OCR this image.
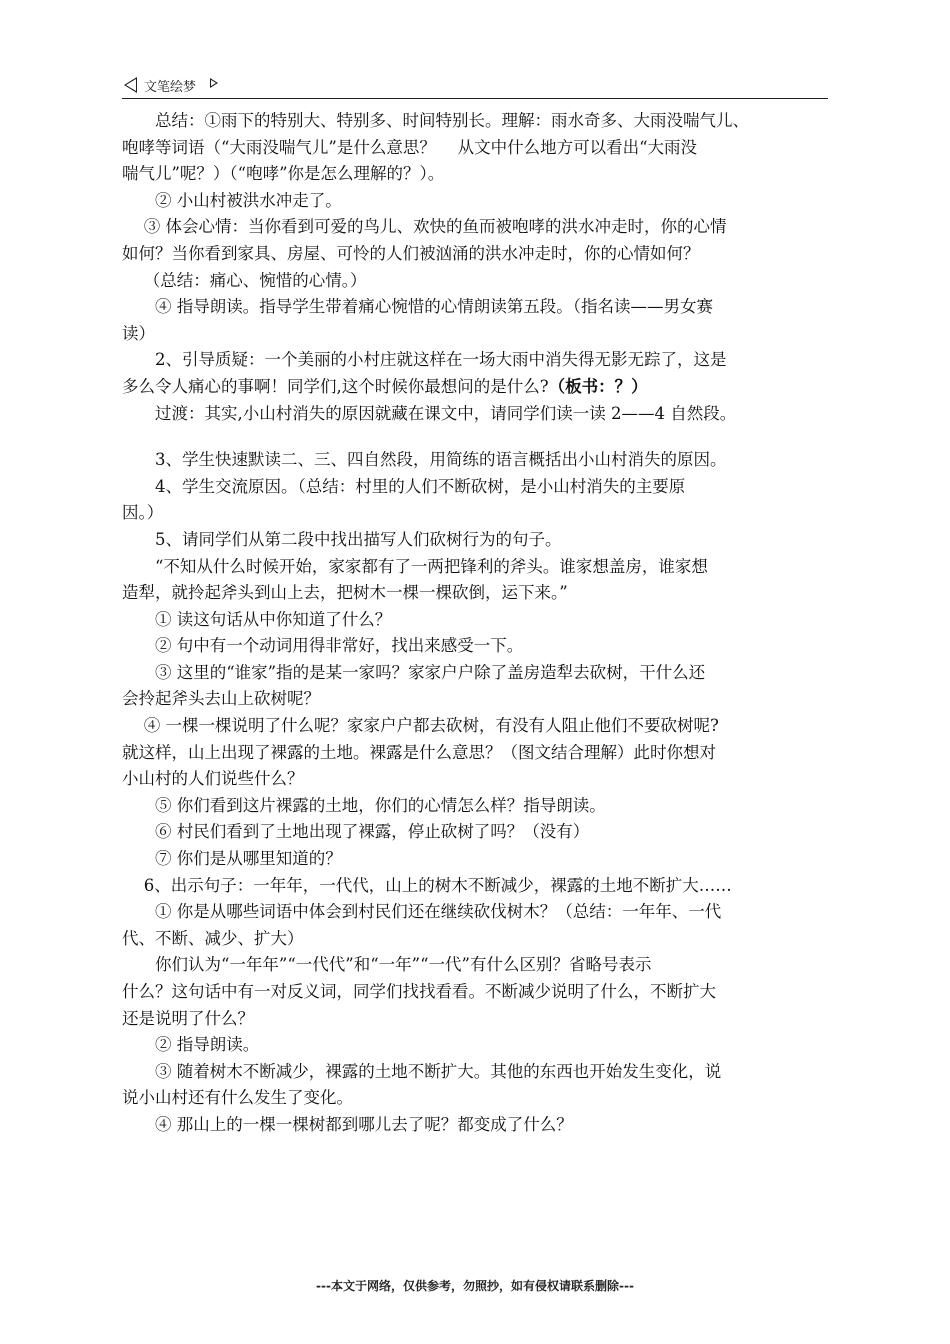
文笔绘梦
　　总结：①雨下的特别大、特别多、时间特别长。理解：雨水奇多、大雨没喘气儿、
咆哮等词语（“大雨没喘气儿”是什么意思？　 从文中什么地方可以看出“大雨没
喘气儿”呢？）（“咆哮”你是怎么理解的？）。
　　② 小山村被洪水冲走了。
　 ③ 体会心情：当你看到可爱的鸟儿、欢快的鱼而被咆哮的洪水冲走时，你的心情
如何？当你看到家具、房屋、可怜的人们被汹涌的洪水冲走时，你的心情如何？
　 （总结：痛心、惋惜的心情。）
　　④ 指导朗读。指导学生带着痛心惋惜的心情朗读第五段。（指名读——男女赛
读）
　　2、引导质疑：一个美丽的小村庄就这样在一场大雨中消失得无影无踪了，这是
多么令人痛心的事啊！同学们,这个时候你最想问的是什么?（板书：？）
　　过渡：其实,小山村消失的原因就藏在课文中，请同学们读一读 2——4 自然段。
　　3、学生快速默读二、三、四自然段，用简练的语言概括出小山村消失的原因。
　　4、学生交流原因。（总结：村里的人们不断砍树，是小山村消失的主要原
因。）
　　5、请同学们从第二段中找出描写人们砍树行为的句子。
　　“不知从什么时候开始，家家都有了一两把锋利的斧头。谁家想盖房，谁家想
造犁，就拎起斧头到山上去，把树木一棵一棵砍倒，运下来。”
　　① 读这句话从中你知道了什么？
　　② 句中有一个动词用得非常好，找出来感受一下。
　　③ 这里的“谁家”指的是某一家吗？家家户户除了盖房造犁去砍树，干什么还
会拎起斧头去山上砍树呢？
　 ④ 一棵一棵说明了什么呢？家家户户都去砍树，有没有人阻止他们不要砍树呢?
就这样，山上出现了裸露的土地。裸露是什么意思？（图文结合理解）此时你想对
小山村的人们说些什么？
　　⑤ 你们看到这片裸露的土地，你们的心情怎么样？指导朗读。
　　⑥ 村民们看到了土地出现了裸露，停止砍树了吗？（没有）
　　⑦ 你们是从哪里知道的？
　 6、出示句子：一年年，一代代，山上的树木不断减少，裸露的土地不断扩大……
　　① 你是从哪些词语中体会到村民们还在继续砍伐树木？（总结：一年年、一代
代、不断、减少、扩大）
　　你们认为“一年年”“一代代”和“一年”“一代”有什么区别？省略号表示
什么？这句话中有一对反义词，同学们找找看看。不断减少说明了什么，不断扩大
还是说明了什么？
　　② 指导朗读。
　　③ 随着树木不断减少，裸露的土地不断扩大。其他的东西也开始发生变化，说
说小山村还有什么发生了变化。
　　④ 那山上的一棵一棵树都到哪儿去了呢？都变成了什么？
---本文于网络，仅供参考，勿照抄，如有侵权请联系删除---
